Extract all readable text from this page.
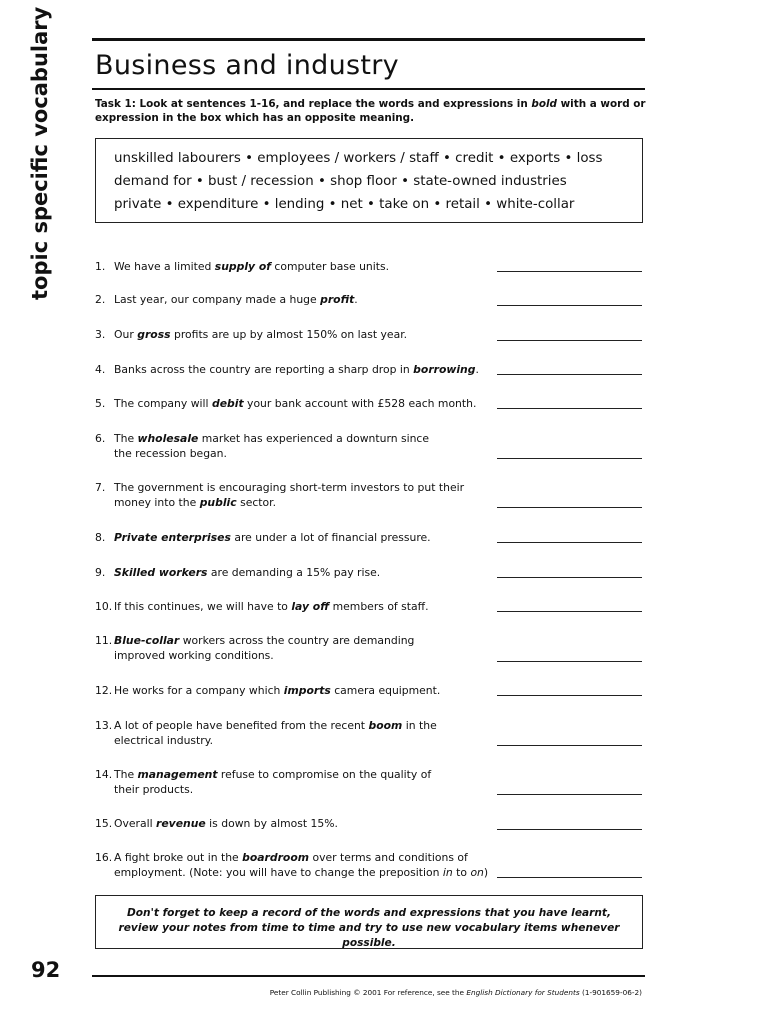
topic specific vocabulary	Business and industry
Task 1: Look at sentences 1-16, and replace the words and expressions in bold with a word or expression in the box which has an opposite meaning.
unskilled labourers • employees / workers / staff • credit • exports • loss
demand for • bust / recession • shop floor • state-owned industries
private • expenditure • lending • net • take on • retail • white-collar
1. We have a limited supply of computer base units.
2. Last year, our company made a huge profit.
3. Our gross profits are up by almost 150% on last year.
4. Banks across the country are reporting a sharp drop in borrowing.
5. The company will debit your bank account with £528 each month.
6. The wholesale market has experienced a downturn since
the recession began.
7. The government is encouraging short-term investors to put their
money into the public sector.
8. Private enterprises are under a lot of financial pressure.
9. Skilled workers are demanding a 15% pay rise.
10. If this continues, we will have to lay off members of staff.
11. Blue-collar workers across the country are demanding
improved working conditions.
12. He works for a company which imports camera equipment.
13. A lot of people have benefited from the recent boom in the
electrical industry.
14. The management refuse to compromise on the quality of
their products.
15. Overall revenue is down by almost 15%.
16. A fight broke out in the boardroom over terms and conditions of
employment. (Note: you will have to change the preposition in to on)
Don't forget to keep a record of the words and expressions that you have learnt, review your notes from time to time and try to use new vocabulary items whenever possible.
92
Peter Collin Publishing © 2001 For reference, see the English Dictionary for Students (1-901659-06-2)
